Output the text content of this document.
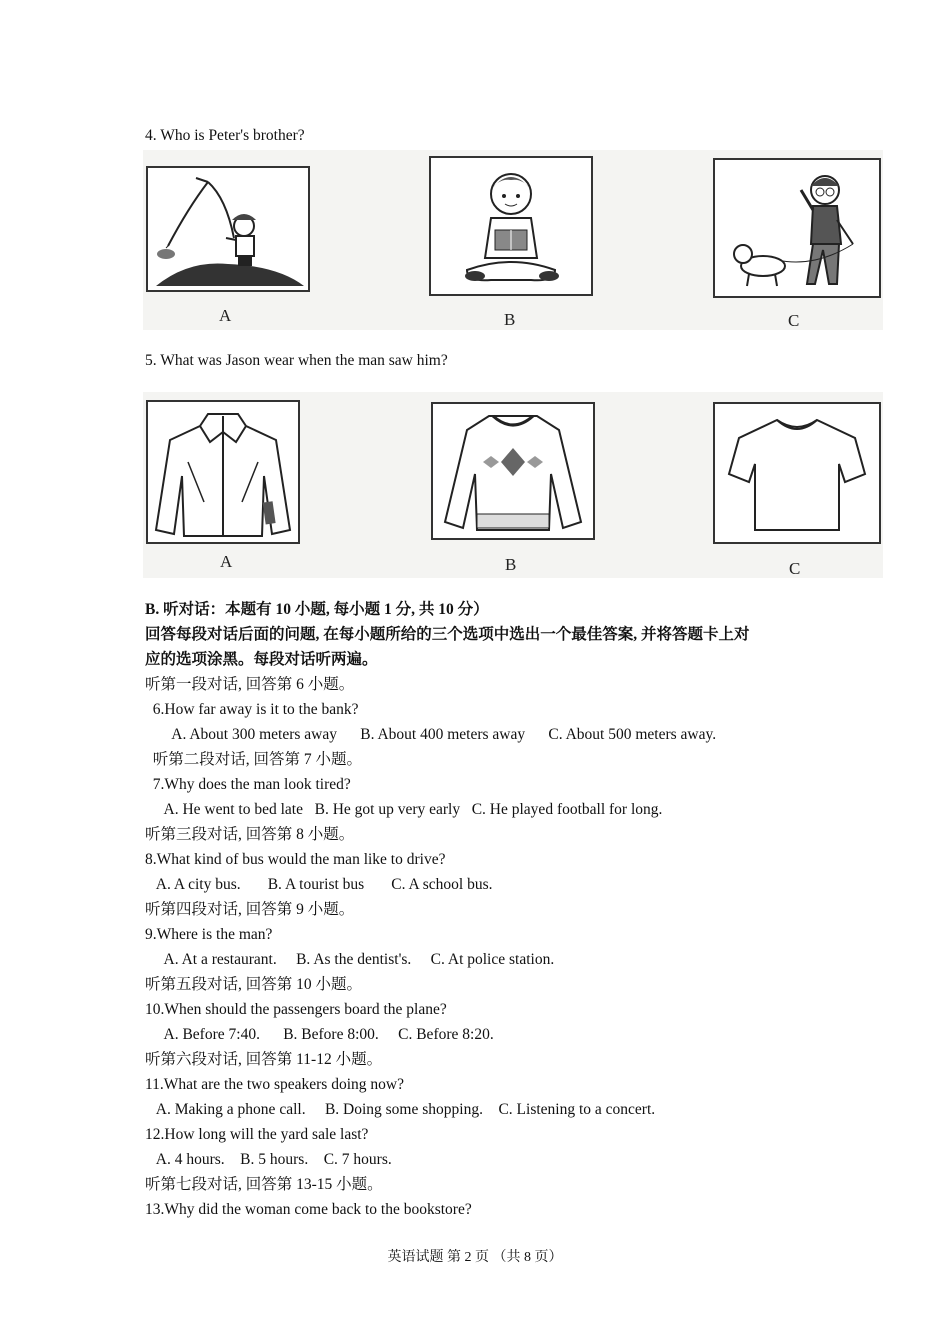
4. Who is Peter's brother?
A	B	C
5. What was Jason wear when the man saw him?
A	B	C
B. 听对话：本题有 10 小题, 每小题 1 分, 共 10 分）
回答每段对话后面的问题, 在每小题所给的三个选项中选出一个最佳答案, 并将答题卡上对
应的选项涂黑。每段对话听两遍。
听第一段对话, 回答第 6 小题。
6.How far away is it to the bank?
A. About 300 meters away      B. About 400 meters away      C. About 500 meters away.
听第二段对话, 回答第 7 小题。
7.Why does the man look tired?
A. He went to bed late   B. He got up very early   C. He played football for long.
听第三段对话, 回答第 8 小题。
8.What kind of bus would the man like to drive?
A. A city bus.       B. A tourist bus       C. A school bus.
听第四段对话, 回答第 9 小题。
9.Where is the man?
A. At a restaurant.     B. As the dentist's.     C. At police station.
听第五段对话, 回答第 10 小题。
10.When should the passengers board the plane?
A. Before 7:40.      B. Before 8:00.     C. Before 8:20.
听第六段对话, 回答第 11-12 小题。
11.What are the two speakers doing now?
A. Making a phone call.     B. Doing some shopping.    C. Listening to a concert.
12.How long will the yard sale last?
A. 4 hours.    B. 5 hours.    C. 7 hours.
听第七段对话, 回答第 13-15 小题。
13.Why did the woman come back to the bookstore?
英语试题 第 2 页 （共 8 页）
